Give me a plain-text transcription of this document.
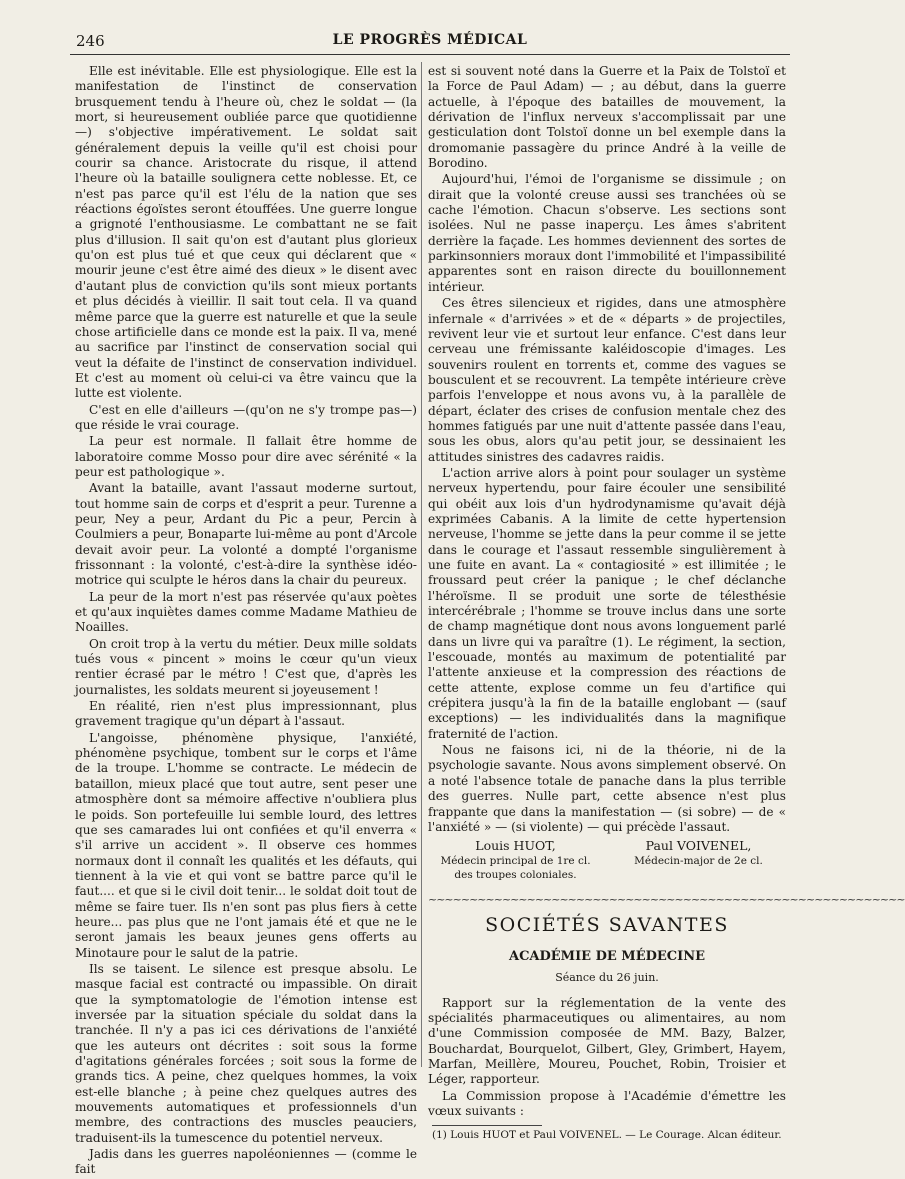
246	LE PROGRÈS MÉDICAL

Elle est inévitable. Elle est physiologique. Elle est la manifestation de l'instinct de conservation brusquement tendu à l'heure où, chez le soldat — (la mort, si heureusement oubliée parce que quotidienne —) s'objective impérativement. Le soldat sait généralement depuis la veille qu'il est choisi pour courir sa chance. Aristocrate du risque, il attend l'heure où la bataille soulignera cette noblesse. Et, ce n'est pas parce qu'il est l'élu de la nation que ses réactions égoïstes seront étouffées. Une guerre longue a grignoté l'enthousiasme. Le combattant ne se fait plus d'illusion. Il sait qu'on est d'autant plus glorieux qu'on est plus tué et que ceux qui déclarent que « mourir jeune c'est être aimé des dieux » le disent avec d'autant plus de conviction qu'ils sont mieux portants et plus décidés à vieillir. Il sait tout cela. Il va quand même parce que la guerre est naturelle et que la seule chose artificielle dans ce monde est la paix. Il va, mené au sacrifice par l'instinct de conservation social qui veut la défaite de l'instinct de conservation individuel. Et c'est au moment où celui-ci va être vaincu que la lutte est violente.

C'est en elle d'ailleurs —(qu'on ne s'y trompe pas—) que réside le vrai courage.

La peur est normale. Il fallait être homme de laboratoire comme Mosso pour dire avec sérénité « la peur est pathologique ».

Avant la bataille, avant l'assaut moderne surtout, tout homme sain de corps et d'esprit a peur. Turenne a peur, Ney a peur, Ardant du Pic a peur, Percin à Coulmiers a peur, Bonaparte lui-même au pont d'Arcole devait avoir peur. La volonté a dompté l'organisme frissonnant : la volonté, c'est-à-dire la synthèse idéo-motrice qui sculpte le héros dans la chair du peureux.

La peur de la mort n'est pas réservée qu'aux poètes et qu'aux inquiètes dames comme Madame Mathieu de Noailles.

On croit trop à la vertu du métier. Deux mille soldats tués vous « pincent » moins le cœur qu'un vieux rentier écrasé par le métro ! C'est que, d'après les journalistes, les soldats meurent si joyeusement !

En réalité, rien n'est plus impressionnant, plus gravement tragique qu'un départ à l'assaut.

L'angoisse, phénomène physique, l'anxiété, phénomène psychique, tombent sur le corps et l'âme de la troupe. L'homme se contracte. Le médecin de bataillon, mieux placé que tout autre, sent peser une atmosphère dont sa mémoire affective n'oubliera plus le poids. Son portefeuille lui semble lourd, des lettres que ses camarades lui ont confiées et qu'il enverra « s'il arrive un accident ». Il observe ces hommes normaux dont il connaît les qualités et les défauts, qui tiennent à la vie et qui vont se battre parce qu'il le faut.... et que si le civil doit tenir... le soldat doit tout de même se faire tuer. Ils n'en sont pas plus fiers à cette heure... pas plus que ne l'ont jamais été et que ne le seront jamais les beaux jeunes gens offerts au Minotaure pour le salut de la patrie.

Ils se taisent. Le silence est presque absolu. Le masque facial est contracté ou impassible. On dirait que la symptomatologie de l'émotion intense est inversée par la situation spéciale du soldat dans la tranchée. Il n'y a pas ici ces dérivations de l'anxiété que les auteurs ont décrites : soit sous la forme d'agitations générales forcées ; soit sous la forme de grands tics. A peine, chez quelques hommes, la voix est-elle blanche ; à peine chez quelques autres des mouvements automatiques et professionnels d'un membre, des contractions des muscles peauciers, traduisent-ils la tumescence du potentiel nerveux.

Jadis dans les guerres napoléoniennes — (comme le fait

est si souvent noté dans la Guerre et la Paix de Tolstoï et la Force de Paul Adam) — ; au début, dans la guerre actuelle, à l'époque des batailles de mouvement, la dérivation de l'influx nerveux s'accomplissait par une gesticulation dont Tolstoï donne un bel exemple dans la dromomanie passagère du prince André à la veille de Borodino.

Aujourd'hui, l'émoi de l'organisme se dissimule ; on dirait que la volonté creuse aussi ses tranchées où se cache l'émotion. Chacun s'observe. Les sections sont isolées. Nul ne passe inaperçu. Les âmes s'abritent derrière la façade. Les hommes deviennent des sortes de parkinsonniers moraux dont l'immobilité et l'impassibilité apparentes sont en raison directe du bouillonnement intérieur.

Ces êtres silencieux et rigides, dans une atmosphère infernale « d'arrivées » et de « départs » de projectiles, revivent leur vie et surtout leur enfance. C'est dans leur cerveau une frémissante kaléidoscopie d'images. Les souvenirs roulent en torrents et, comme des vagues se bousculent et se recouvrent. La tempête intérieure crève parfois l'enveloppe et nous avons vu, à la parallèle de départ, éclater des crises de confusion mentale chez des hommes fatigués par une nuit d'attente passée dans l'eau, sous les obus, alors qu'au petit jour, se dessinaient les attitudes sinistres des cadavres raidis.

L'action arrive alors à point pour soulager un système nerveux hypertendu, pour faire écouler une sensibilité qui obéit aux lois d'un hydrodynamisme qu'avait déjà exprimées Cabanis. A la limite de cette hypertension nerveuse, l'homme se jette dans la peur comme il se jette dans le courage et l'assaut ressemble singulièrement à une fuite en avant. La « contagiosité » est illimitée ; le froussard peut créer la panique ; le chef déclanche l'héroïsme. Il se produit une sorte de télesthésie intercérébrale ; l'homme se trouve inclus dans une sorte de champ magnétique dont nous avons longuement parlé dans un livre qui va paraître (1). Le régiment, la section, l'escouade, montés au maximum de potentialité par l'attente anxieuse et la compression des réactions de cette attente, explose comme un feu d'artifice qui crépitera jusqu'à la fin de la bataille englobant — (sauf exceptions) — les individualités dans la magnifique fraternité de l'action.

Nous ne faisons ici, ni de la théorie, ni de la psychologie savante. Nous avons simplement observé. On a noté l'absence totale de panache dans la plus terrible des guerres. Nulle part, cette absence n'est plus frappante que dans la manifestation — (si sobre) — de « l'anxiété » — (si violente) — qui précède l'assaut.

Louis HUOT,
Médecin principal de 1re cl.
des troupes coloniales.
Paul VOIVENEL,
Médecin-major de 2e cl.
~~~~~~~~~~~~~~~~~~~~~~~~~~~~~~~~~~~~~~~~~~~~~~~~~~~~~~~~~~
SOCIÉTÉS SAVANTES
ACADÉMIE DE MÉDECINE
Séance du 26 juin.

Rapport sur la réglementation de la vente des spécialités pharmaceutiques ou alimentaires, au nom d'une Commission composée de MM. Bazy, Balzer, Bouchardat, Bourquelot, Gilbert, Gley, Grimbert, Hayem, Marfan, Meillère, Moureu, Pouchet, Robin, Troisier et Léger, rapporteur.

La Commission propose à l'Académie d'émettre les vœux suivants :

(1) Louis HUOT et Paul VOIVENEL. — Le Courage. Alcan éditeur.
